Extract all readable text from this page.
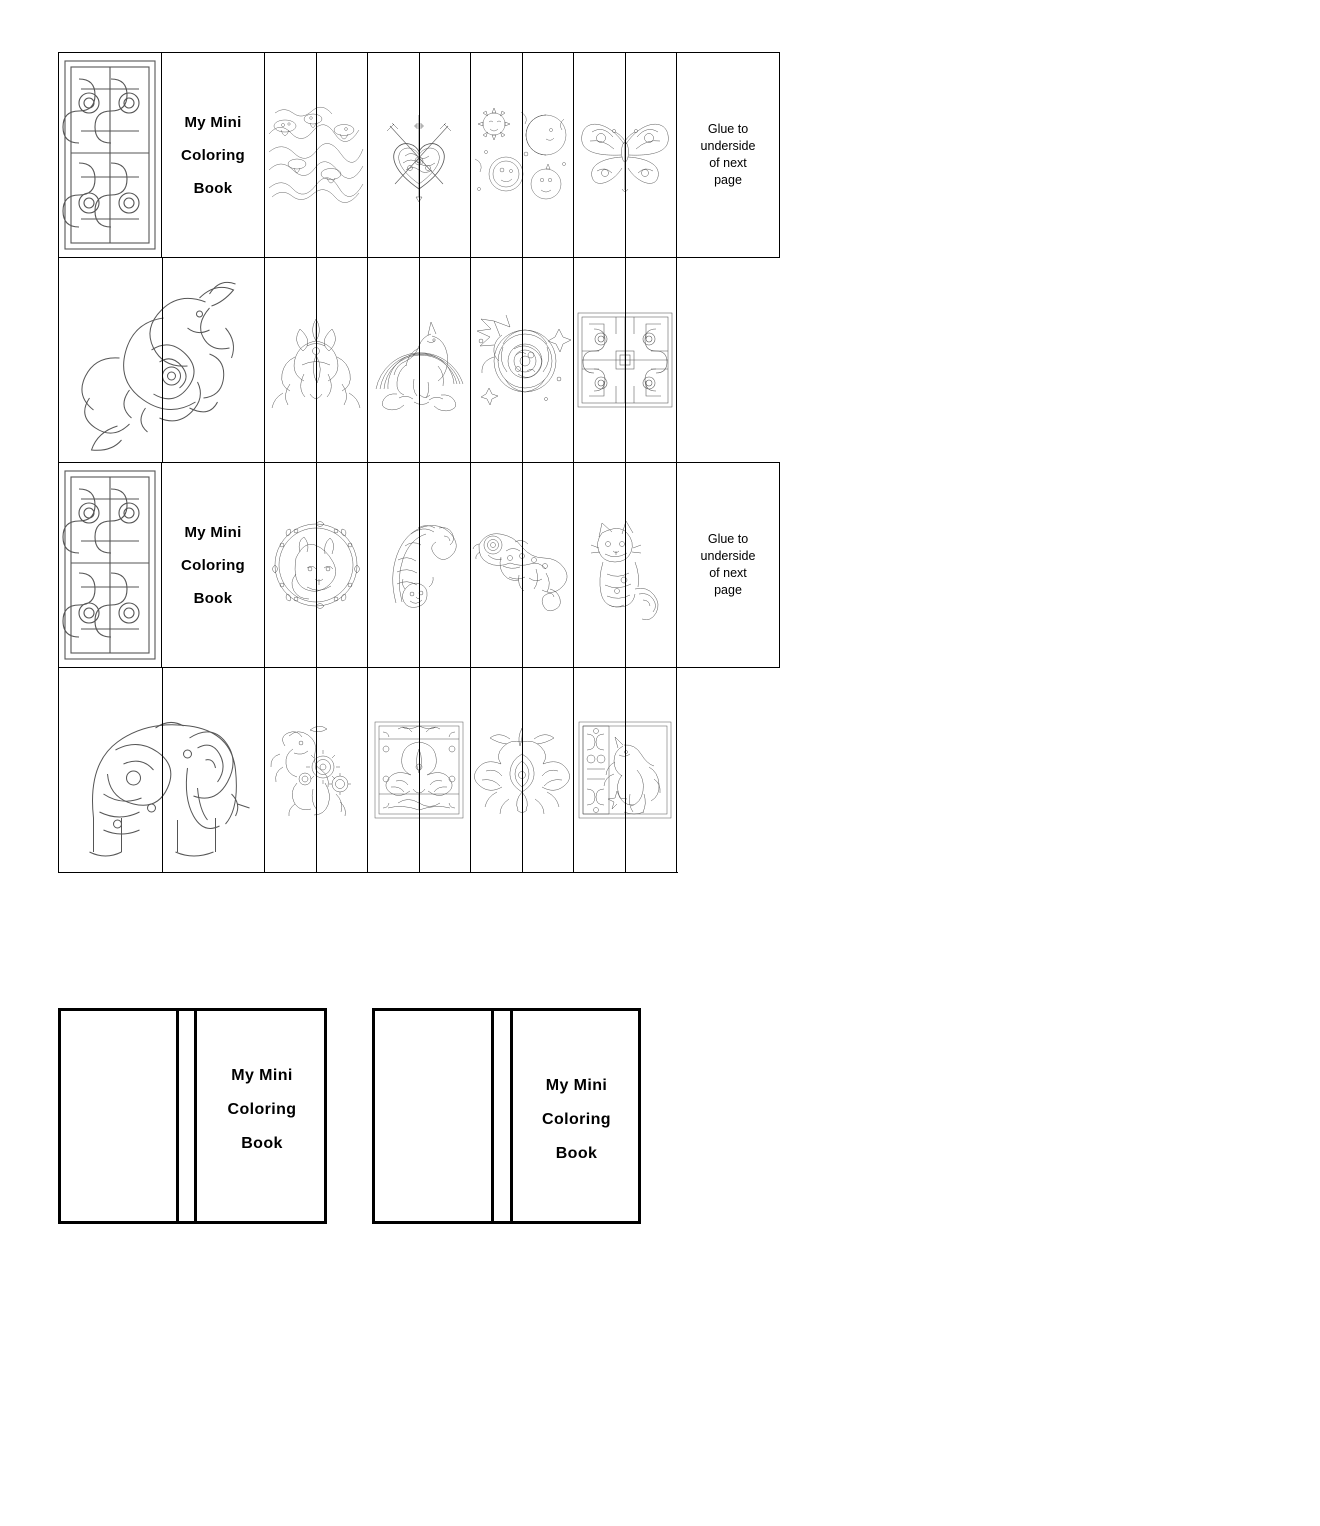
My Mini
Coloring
Book

Glue to
underside
of next
page

My Mini
Coloring
Book

Glue to
underside
of next
page

My Mini
Coloring
Book
My Mini
Coloring
Book
